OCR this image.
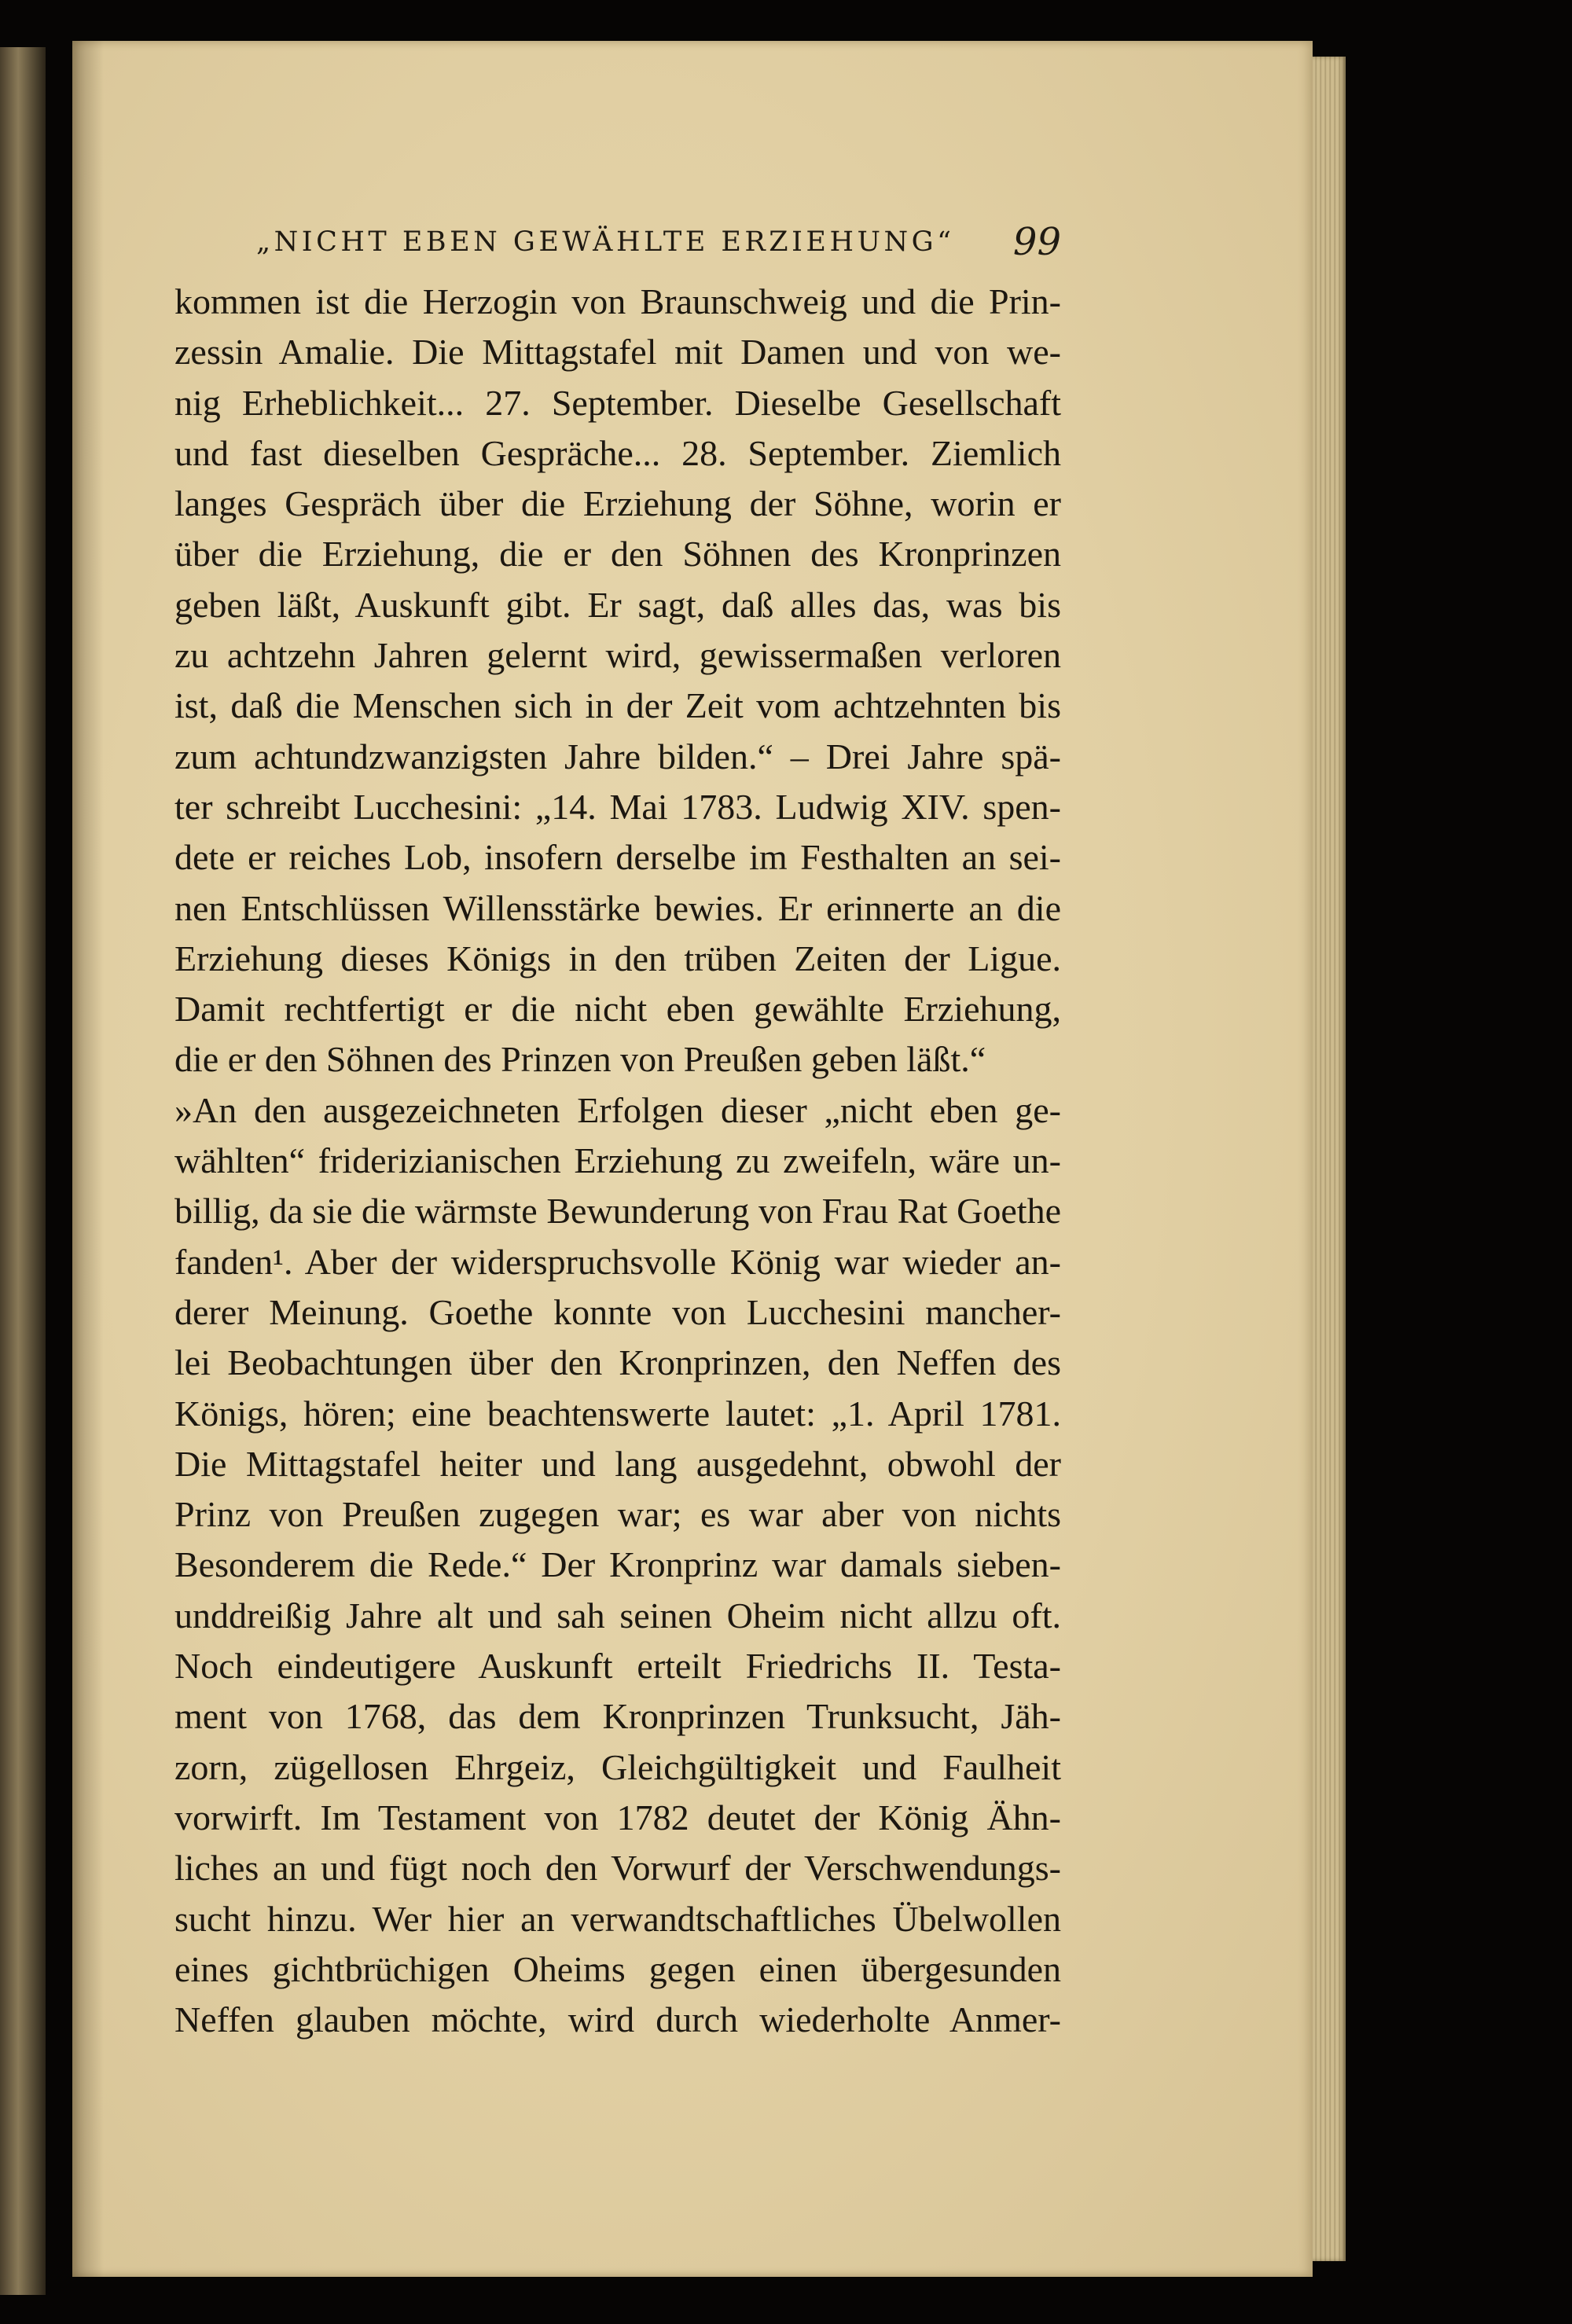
„NICHT EBEN GEWÄHLTE ERZIEHUNG“ 99
kommen ist die Herzogin von Braunschweig und die Prin-
zessin Amalie. Die Mittagstafel mit Damen und von we-
nig Erheblichkeit... 27. September. Dieselbe Gesellschaft
und fast dieselben Gespräche... 28. September. Ziemlich
langes Gespräch über die Erziehung der Söhne, worin er
über die Erziehung, die er den Söhnen des Kronprinzen
geben läßt, Auskunft gibt. Er sagt, daß alles das, was bis
zu achtzehn Jahren gelernt wird, gewissermaßen verloren
ist, daß die Menschen sich in der Zeit vom achtzehnten bis
zum achtundzwanzigsten Jahre bilden.“ – Drei Jahre spä-
ter schreibt Lucchesini: „14. Mai 1783. Ludwig XIV. spen-
dete er reiches Lob, insofern derselbe im Festhalten an sei-
nen Entschlüssen Willensstärke bewies. Er erinnerte an die
Erziehung dieses Königs in den trüben Zeiten der Ligue.
Damit rechtfertigt er die nicht eben gewählte Erziehung,
die er den Söhnen des Prinzen von Preußen geben läßt.“
»An den ausgezeichneten Erfolgen dieser „nicht eben ge-
wählten“ friderizianischen Erziehung zu zweifeln, wäre un-
billig, da sie die wärmste Bewunderung von Frau Rat Goethe
fanden¹. Aber der widerspruchsvolle König war wieder an-
derer Meinung. Goethe konnte von Lucchesini mancher-
lei Beobachtungen über den Kronprinzen, den Neffen des
Königs, hören; eine beachtenswerte lautet: „1. April 1781.
Die Mittagstafel heiter und lang ausgedehnt, obwohl der
Prinz von Preußen zugegen war; es war aber von nichts
Besonderem die Rede.“ Der Kronprinz war damals sieben-
unddreißig Jahre alt und sah seinen Oheim nicht allzu oft.
Noch eindeutigere Auskunft erteilt Friedrichs II. Testa-
ment von 1768, das dem Kronprinzen Trunksucht, Jäh-
zorn, zügellosen Ehrgeiz, Gleichgültigkeit und Faulheit
vorwirft. Im Testament von 1782 deutet der König Ähn-
liches an und fügt noch den Vorwurf der Verschwendungs-
sucht hinzu. Wer hier an verwandtschaftliches Übelwollen
eines gichtbrüchigen Oheims gegen einen übergesunden
Neffen glauben möchte, wird durch wiederholte Anmer-
